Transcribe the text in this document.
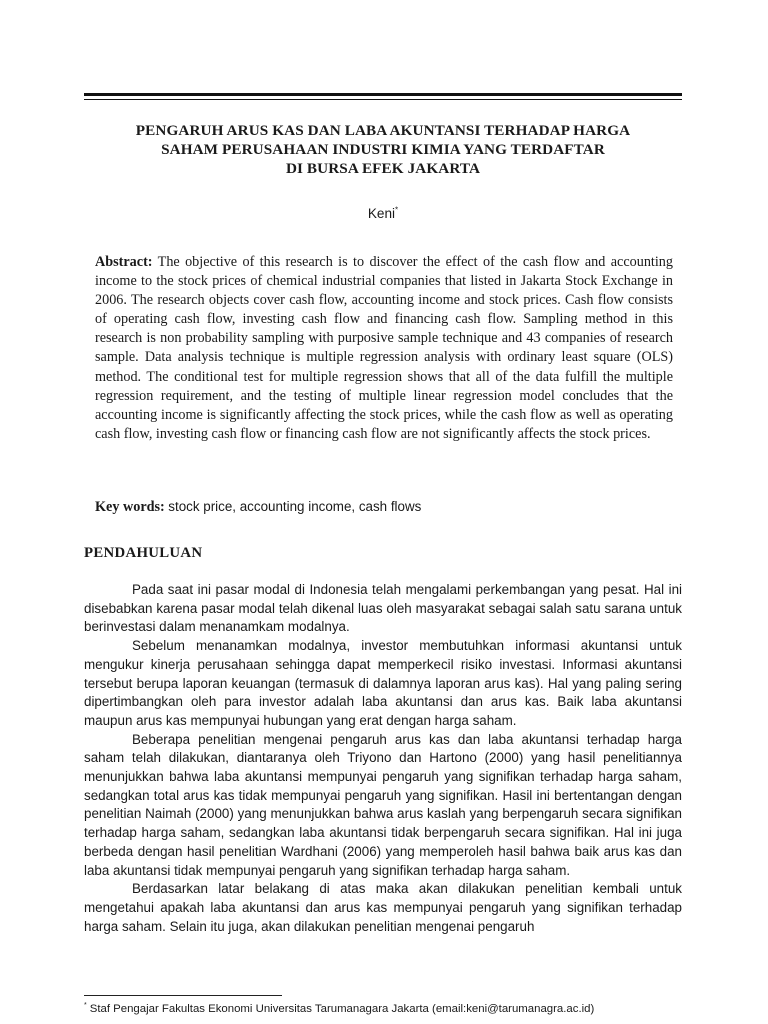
PENGARUH ARUS KAS DAN LABA AKUNTANSI TERHADAP HARGA
SAHAM PERUSAHAAN INDUSTRI KIMIA YANG TERDAFTAR
DI BURSA EFEK JAKARTA
Keni*
Abstract: The objective of this research is to discover the effect of the cash flow and accounting income to the stock prices of chemical industrial companies that listed in Jakarta Stock Exchange in 2006. The research objects cover cash flow, accounting income and stock prices. Cash flow consists of operating cash flow, investing cash flow and financing cash flow. Sampling method in this research is non probability sampling with purposive sample technique and 43 companies of research sample. Data analysis technique is multiple regression analysis with ordinary least square (OLS) method. The conditional test for multiple regression shows that all of the data fulfill the multiple regression requirement, and the testing of multiple linear regression model concludes that the accounting income is significantly affecting the stock prices, while the cash flow as well as operating cash flow, investing cash flow or financing cash flow are not significantly affects the stock prices.
Key words: stock price, accounting income, cash flows
PENDAHULUAN

Pada saat ini pasar modal di Indonesia telah mengalami perkembangan yang pesat. Hal ini disebabkan karena pasar modal telah dikenal luas oleh masyarakat sebagai salah satu sarana untuk berinvestasi dalam menanamkam modalnya.

Sebelum menanamkan modalnya, investor membutuhkan informasi akuntansi untuk mengukur kinerja perusahaan sehingga dapat memperkecil risiko investasi. Informasi akuntansi tersebut berupa laporan keuangan (termasuk di dalamnya laporan arus kas). Hal yang paling sering dipertimbangkan oleh para investor adalah laba akuntansi dan arus kas. Baik laba akuntansi maupun arus kas mempunyai hubungan yang erat dengan harga saham.

Beberapa penelitian mengenai pengaruh arus kas dan laba akuntansi terhadap harga saham telah dilakukan, diantaranya oleh Triyono dan Hartono (2000) yang hasil penelitiannya menunjukkan bahwa laba akuntansi mempunyai pengaruh yang signifikan terhadap harga saham, sedangkan total arus kas tidak mempunyai pengaruh yang signifikan. Hasil ini bertentangan dengan penelitian Naimah (2000) yang menunjukkan bahwa arus kaslah yang berpengaruh secara signifikan terhadap harga saham, sedangkan laba akuntansi tidak berpengaruh secara signifikan. Hal ini juga berbeda dengan hasil penelitian Wardhani (2006) yang memperoleh hasil bahwa baik arus kas dan laba akuntansi tidak mempunyai pengaruh yang signifikan terhadap harga saham.

Berdasarkan latar belakang di atas maka akan dilakukan penelitian kembali untuk mengetahui apakah laba akuntansi dan arus kas mempunyai pengaruh yang signifikan terhadap harga saham. Selain itu juga, akan dilakukan penelitian mengenai pengaruh

* Staf Pengajar Fakultas Ekonomi Universitas Tarumanagara Jakarta (email:keni@tarumanagra.ac.id)
